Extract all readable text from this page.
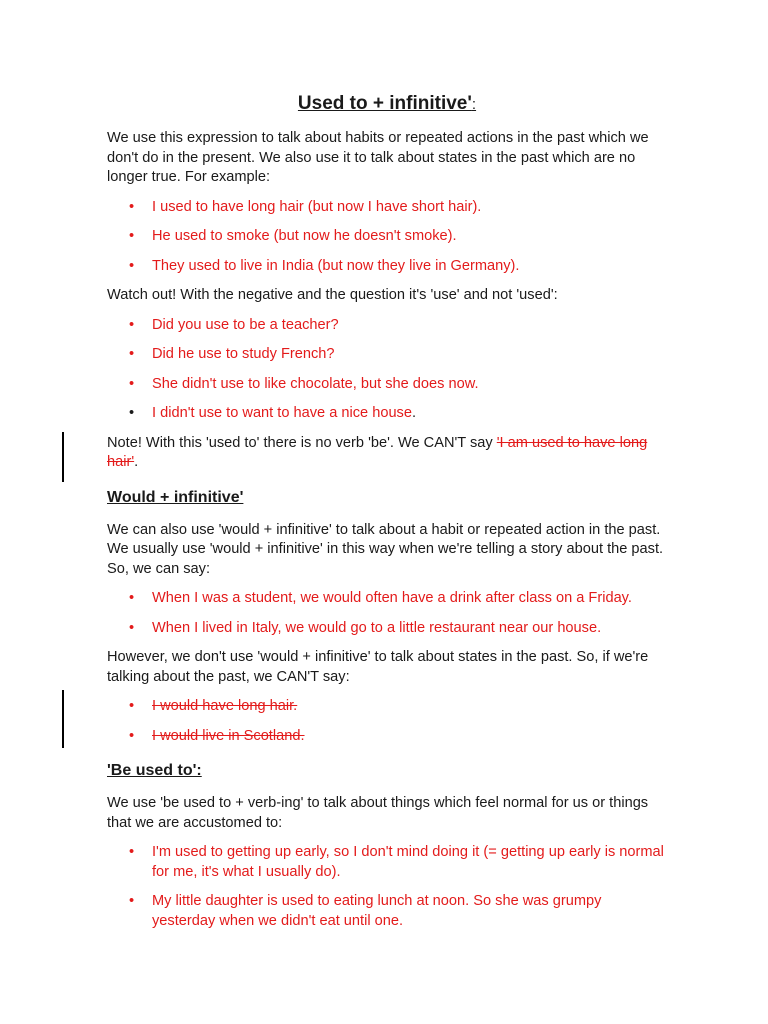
Used to + infinitive':

We use this expression to talk about habits or repeated actions in the past which we don't do in the present. We also use it to talk about states in the past which are no longer true. For example:

• I used to have long hair (but now I have short hair).
• He used to smoke (but now he doesn't smoke).
• They used to live in India (but now they live in Germany).

Watch out! With the negative and the question it's 'use' and not 'used':

• Did you use to be a teacher?
• Did he use to study French?
• She didn't use to like chocolate, but she does now.
• I didn't use to want to have a nice house.

Note! With this 'used to' there is no verb 'be'. We CAN'T say 'I am used to have long hair'.

Would + infinitive'

We can also use 'would + infinitive' to talk about a habit or repeated action in the past. We usually use 'would + infinitive' in this way when we're telling a story about the past. So, we can say:

• When I was a student, we would often have a drink after class on a Friday.
• When I lived in Italy, we would go to a little restaurant near our house.

However, we don't use 'would + infinitive' to talk about states in the past. So, if we're talking about the past, we CAN'T say:

• I would have long hair.
• I would live in Scotland.
'Be used to':

We use 'be used to + verb-ing' to talk about things which feel normal for us or things that we are accustomed to:

• I'm used to getting up early, so I don't mind doing it (= getting up early is normal for me, it's what I usually do).
• My little daughter is used to eating lunch at noon. So she was grumpy yesterday when we didn't eat until one.
